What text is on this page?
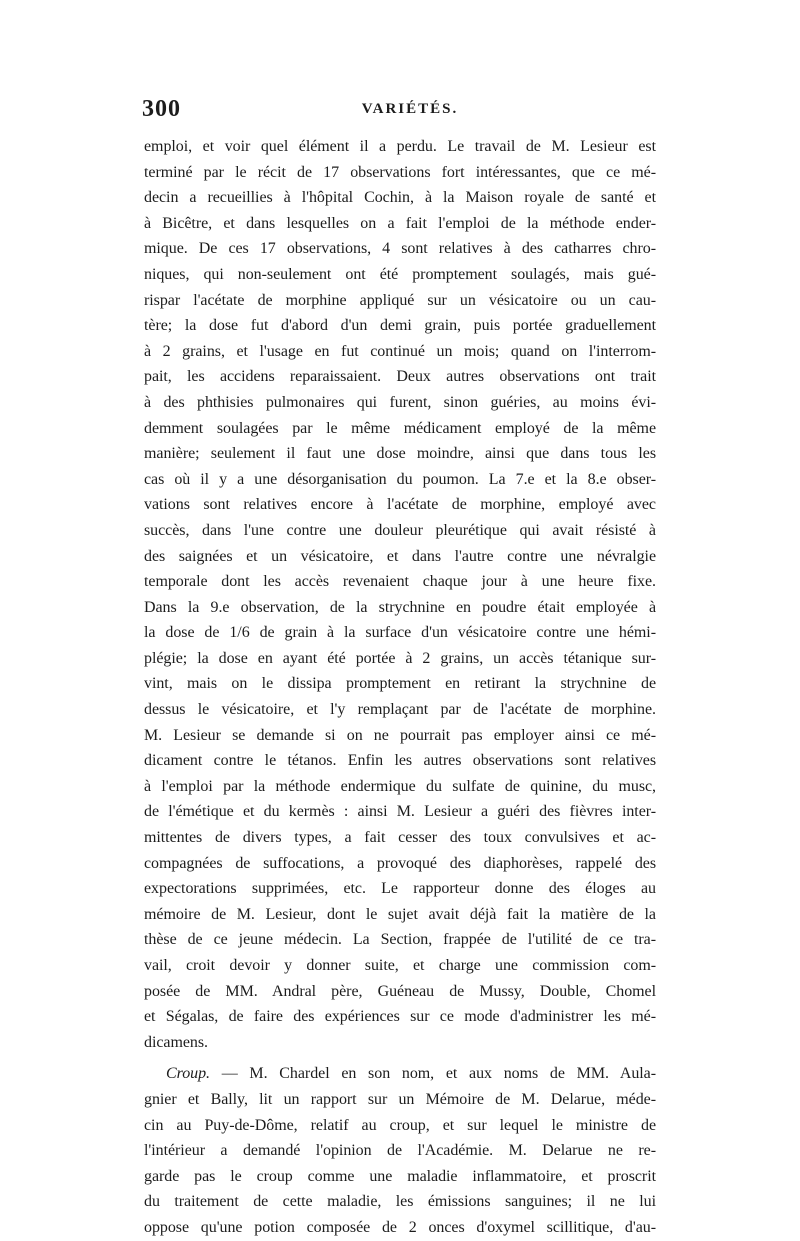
300	VARIÉTÉS.
emploi, et voir quel élément il a perdu. Le travail de M. Lesieur est
terminé par le récit de 17 observations fort intéressantes, que ce mé-
decin a recueillies à l'hôpital Cochin, à la Maison royale de santé et
à Bicêtre, et dans lesquelles on a fait l'emploi de la méthode ender-
mique. De ces 17 observations, 4 sont relatives à des catharres chro-
niques, qui non-seulement ont été promptement soulagés, mais gué-
rispar l'acétate de morphine appliqué sur un vésicatoire ou un cau-
tère; la dose fut d'abord d'un demi grain, puis portée graduellement
à 2 grains, et l'usage en fut continué un mois; quand on l'interrom-
pait, les accidens reparaissaient. Deux autres observations ont trait
à des phthisies pulmonaires qui furent, sinon guéries, au moins évi-
demment soulagées par le même médicament employé de la même
manière; seulement il faut une dose moindre, ainsi que dans tous les
cas où il y a une désorganisation du poumon. La 7.e et la 8.e obser-
vations sont relatives encore à l'acétate de morphine, employé avec
succès, dans l'une contre une douleur pleurétique qui avait résisté à
des saignées et un vésicatoire, et dans l'autre contre une névralgie
temporale dont les accès revenaient chaque jour à une heure fixe.
Dans la 9.e observation, de la strychnine en poudre était employée à
la dose de 1/6 de grain à la surface d'un vésicatoire contre une hémi-
plégie; la dose en ayant été portée à 2 grains, un accès tétanique sur-
vint, mais on le dissipa promptement en retirant la strychnine de
dessus le vésicatoire, et l'y remplaçant par de l'acétate de morphine.
M. Lesieur se demande si on ne pourrait pas employer ainsi ce mé-
dicament contre le tétanos. Enfin les autres observations sont relatives
à l'emploi par la méthode endermique du sulfate de quinine, du musc,
de l'émétique et du kermès : ainsi M. Lesieur a guéri des fièvres inter-
mittentes de divers types, a fait cesser des toux convulsives et ac-
compagnées de suffocations, a provoqué des diaphorèses, rappelé des
expectorations supprimées, etc. Le rapporteur donne des éloges au
mémoire de M. Lesieur, dont le sujet avait déjà fait la matière de la
thèse de ce jeune médecin. La Section, frappée de l'utilité de ce tra-
vail, croit devoir y donner suite, et charge une commission com-
posée de MM. Andral père, Guéneau de Mussy, Double, Chomel
et Ségalas, de faire des expériences sur ce mode d'administrer les mé-
dicamens.
Croup. — M. Chardel en son nom, et aux noms de MM. Aula-
gnier et Bally, lit un rapport sur un Mémoire de M. Delarue, méde-
cin au Puy-de-Dôme, relatif au croup, et sur lequel le ministre de
l'intérieur a demandé l'opinion de l'Académie. M. Delarue ne re-
garde pas le croup comme une maladie inflammatoire, et proscrit
du traitement de cette maladie, les émissions sanguines; il ne lui
oppose qu'une potion composée de 2 onces d'oxymel scillitique, d'au-
